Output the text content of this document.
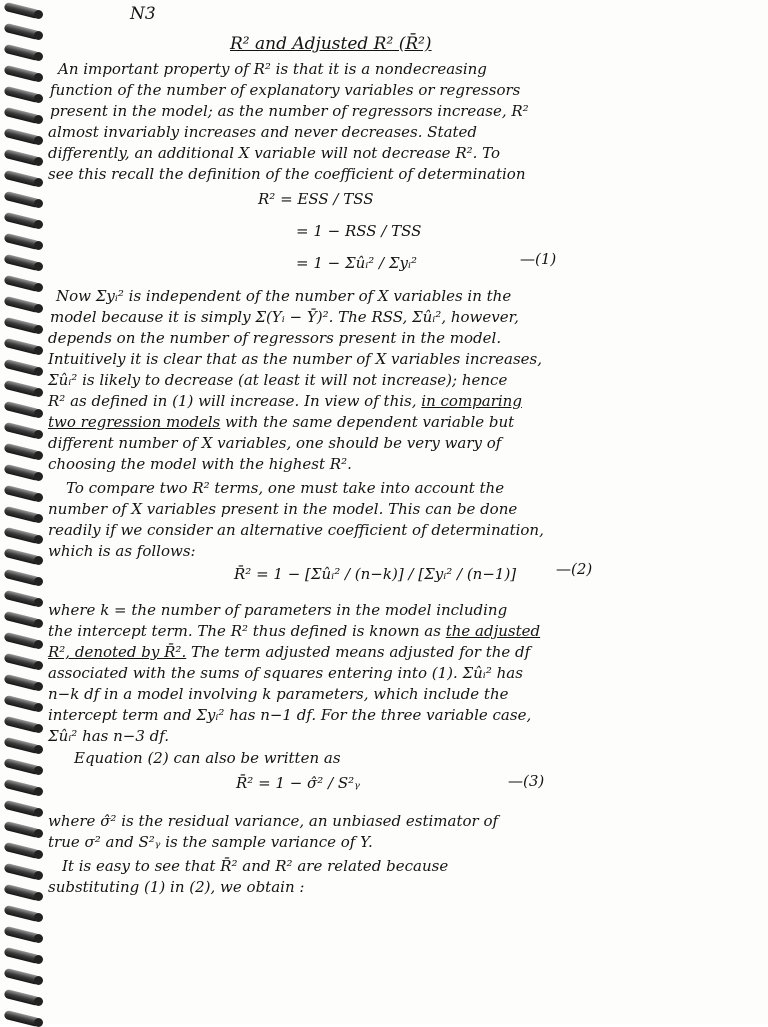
N3
R² and Adjusted R² (R̄²)
An important property of R² is that it is a nondecreasing
function of the number of explanatory variables or regressors
present in the model; as the number of regressors increase, R²
almost invariably increases and never decreases. Stated
differently, an additional X variable will not decrease R². To
see this recall the definition of the coefficient of determination
R² = ESS / TSS
= 1 − RSS / TSS
= 1 − Σûᵢ² / Σyᵢ²	—(1)
Now Σyᵢ² is independent of the number of X variables in the
model because it is simply Σ(Yᵢ − Ȳ)². The RSS, Σûᵢ², however,
depends on the number of regressors present in the model.
Intuitively it is clear that as the number of X variables increases,
Σûᵢ² is likely to decrease (at least it will not increase); hence
R² as defined in (1) will increase. In view of this, in comparing
two regression models with the same dependent variable but
different number of X variables, one should be very wary of
choosing the model with the highest R².
To compare two R² terms, one must take into account the
number of X variables present in the model. This can be done
readily if we consider an alternative coefficient of determination,
which is as follows:
R̄² = 1 − [Σûᵢ² / (n−k)] / [Σyᵢ² / (n−1)]	—(2)
where k = the number of parameters in the model including
the intercept term. The R² thus defined is known as the adjusted
R², denoted by R̄². The term adjusted means adjusted for the df
associated with the sums of squares entering into (1). Σûᵢ² has
n−k df in a model involving k parameters, which include the
intercept term and Σyᵢ² has n−1 df. For the three variable case,
Σûᵢ² has n−3 df.
Equation (2) can also be written as
R̄² = 1 − σ̂² / S²ᵧ	—(3)
where σ̂² is the residual variance, an unbiased estimator of
true σ² and S²ᵧ is the sample variance of Y.
It is easy to see that R̄² and R² are related because
substituting (1) in (2), we obtain :
